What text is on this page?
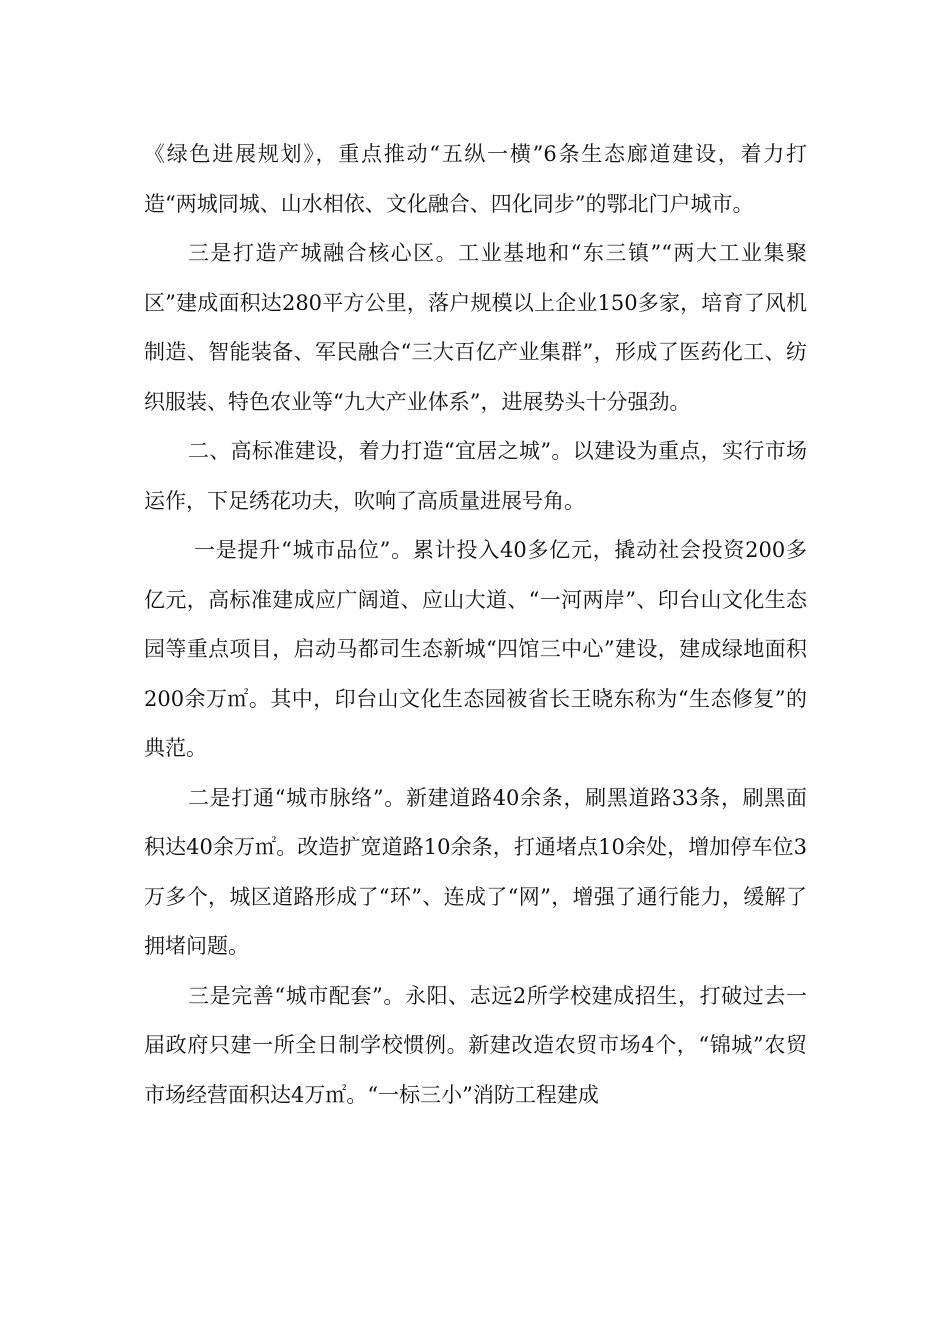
《绿色进展规划》，重点推动“五纵一横”6条生态廊道建设，着力打造“两城同城、山水相依、文化融合、四化同步”的鄂北门户城市。

三是打造产城融合核心区。工业基地和“东三镇”“两大工业集聚区”建成面积达280平方公里，落户规模以上企业150多家，培育了风机制造、智能装备、军民融合“三大百亿产业集群”，形成了医药化工、纺织服装、特色农业等“九大产业体系”，进展势头十分强劲。

二、高标准建设，着力打造“宜居之城”。以建设为重点，实行市场运作，下足绣花功夫，吹响了高质量进展号角。

一是提升“城市品位”。累计投入40多亿元，撬动社会投资200多亿元，高标准建成应广阔道、应山大道、“一河两岸”、印台山文化生态园等重点项目，启动马都司生态新城“四馆三中心”建设，建成绿地面积200余万㎡。其中，印台山文化生态园被省长王晓东称为“生态修复”的典范。

二是打通“城市脉络”。新建道路40余条，刷黑道路33条，刷黑面积达40余万㎡。改造扩宽道路10余条，打通堵点10余处，增加停车位3万多个，城区道路形成了“环”、连成了“网”，增强了通行能力，缓解了拥堵问题。

三是完善“城市配套”。永阳、志远2所学校建成招生，打破过去一届政府只建一所全日制学校惯例。新建改造农贸市场4个，“锦城”农贸市场经营面积达4万㎡。“一标三小”消防工程建成
